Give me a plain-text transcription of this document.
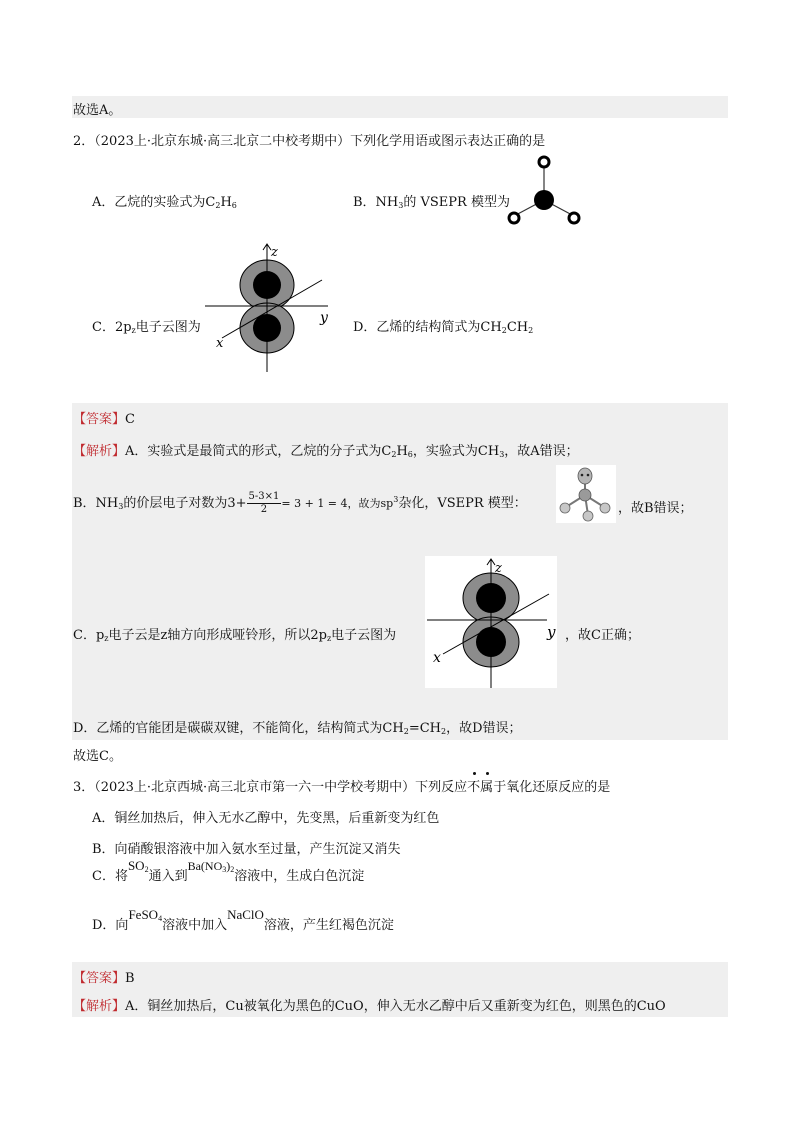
故选A。
2．（2023上·北京东城·高三北京二中校考期中）下列化学用语或图示表达正确的是
A．乙烷的实验式为$C_2H_6$	B．$NH_3$的 VSEPR 模型为
z
y
x
C．$2p_z$电子云图为	D．乙烯的结构简式为$CH_2CH_2$
【答案】C
【解析】A．实验式是最简式的形式，乙烷的分子式为$C_2H_6$，实验式为$CH_3$，故A错误；
B．$NH_3$的价层电子对数为$3+ \frac{5-3\times 1}{2} = 3 + 1 = 4$，故为$sp^3$杂化，VSEPR 模型：	，故B错误；
z
y
x
C．$p_z$电子云是z轴方向形成哑铃形，所以$2p_z$电子云图为	，故C正确；
D．乙烯的官能团是碳碳双键，不能简化，结构简式为$CH_2=CH_2$，故D错误；
故选C。
3．（2023上·北京西城·高三北京市第一六一中学校考期中）下列反应不属于氧化还原反应的是
A．铜丝加热后，伸入无水乙醇中，先变黑，后重新变为红色
B．向硝酸银溶液中加入氨水至过量，产生沉淀又消失
C．将$SO_2$通入到$Ba(NO_3)_2$溶液中，生成白色沉淀
D．向FeSO$_4$溶液中加入NaClO溶液，产生红褐色沉淀
【答案】B
【解析】A．铜丝加热后，Cu被氧化为黑色的CuO，伸入无水乙醇中后又重新变为红色，则黑色的CuO
